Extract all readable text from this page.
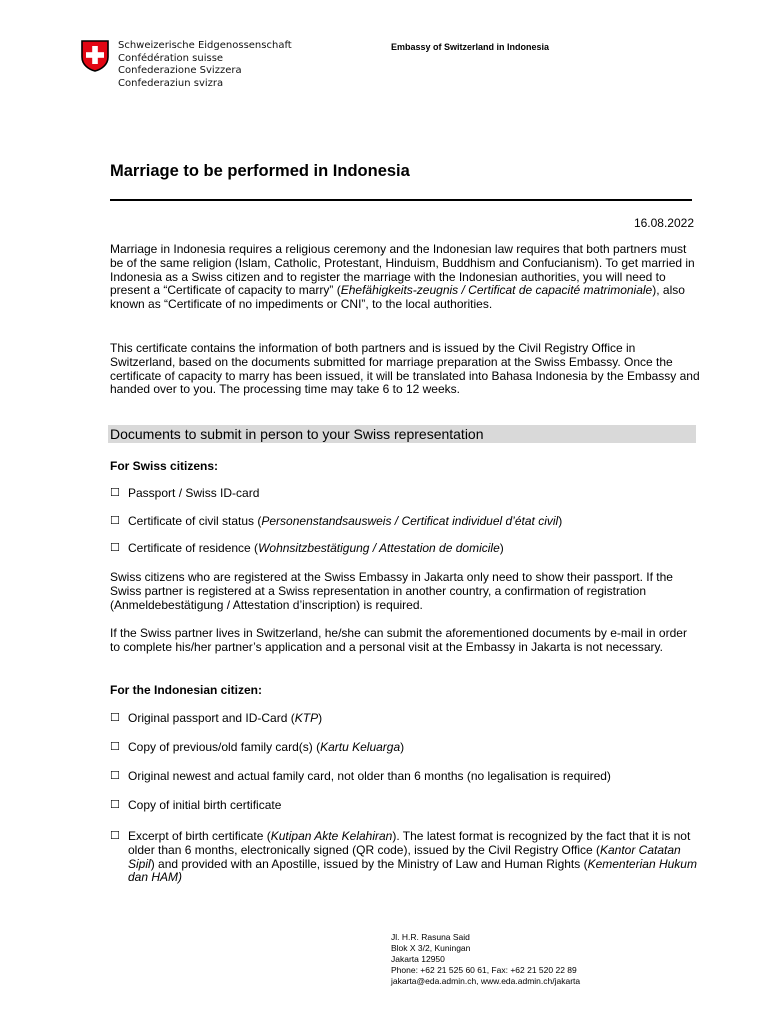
Schweizerische Eidgenossenschaft
Confédération suisse
Confederazione Svizzera
Confederaziun svizra
Embassy of Switzerland in Indonesia
Marriage to be performed in Indonesia
16.08.2022

Marriage in Indonesia requires a religious ceremony and the Indonesian law requires that both partners must be of the same religion (Islam, Catholic, Protestant, Hinduism, Buddhism and Confucianism). To get married in Indonesia as a Swiss citizen and to register the marriage with the Indonesian authorities, you will need to present a “Certificate of capacity to marry” (Ehefähigkeits-zeugnis / Certificat de capacité matrimoniale), also known as “Certificate of no impediments or CNI”, to the local authorities.

This certificate contains the information of both partners and is issued by the Civil Registry Office in Switzerland, based on the documents submitted for marriage preparation at the Swiss Embassy. Once the certificate of capacity to marry has been issued, it will be translated into Bahasa Indonesia by the Embassy and handed over to you. The processing time may take 6 to 12 weeks.

Documents to submit in person to your Swiss representation
For Swiss citizens:
☐ Passport / Swiss ID-card
☐ Certificate of civil status (Personenstandsausweis / Certificat individuel d’état civil)
☐ Certificate of residence (Wohnsitzbestätigung / Attestation de domicile)

Swiss citizens who are registered at the Swiss Embassy in Jakarta only need to show their passport. If the Swiss partner is registered at a Swiss representation in another country, a confirmation of registration (Anmeldebestätigung / Attestation d’inscription) is required.

If the Swiss partner lives in Switzerland, he/she can submit the aforementioned documents by e-mail in order to complete his/her partner’s application and a personal visit at the Embassy in Jakarta is not necessary.

For the Indonesian citizen:
☐ Original passport and ID-Card (KTP)
☐ Copy of previous/old family card(s) (Kartu Keluarga)
☐ Original newest and actual family card, not older than 6 months (no legalisation is required)
☐ Copy of initial birth certificate
☐ Excerpt of birth certificate (Kutipan Akte Kelahiran). The latest format is recognized by the fact that it is not older than 6 months, electronically signed (QR code), issued by the Civil Registry Office (Kantor Catatan Sipil) and provided with an Apostille, issued by the Ministry of Law and Human Rights (Kementerian Hukum dan HAM)
Jl. H.R. Rasuna Said
Blok X 3/2, Kuningan
Jakarta 12950
Phone: +62 21 525 60 61, Fax: +62 21 520 22 89
jakarta@eda.admin.ch, www.eda.admin.ch/jakarta
